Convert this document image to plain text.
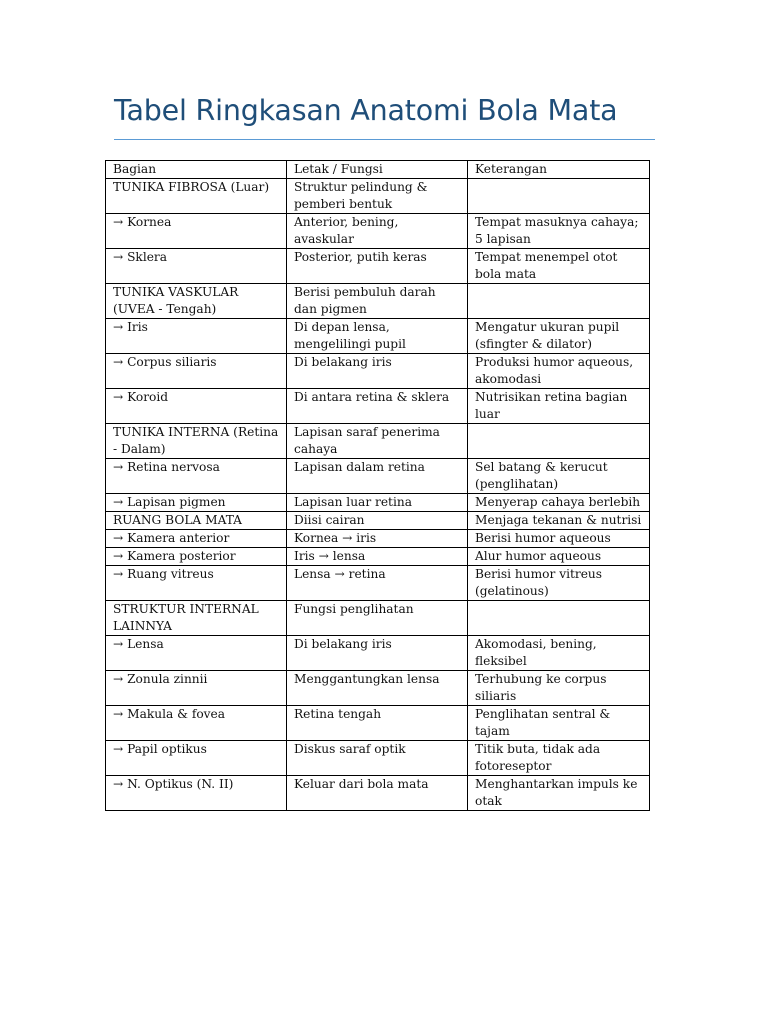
Tabel Ringkasan Anatomi Bola Mata
Bagian	Letak / Fungsi	Keterangan
TUNIKA FIBROSA (Luar)	Struktur pelindung & pemberi bentuk	
→ Kornea	Anterior, bening, avaskular	Tempat masuknya cahaya; 5 lapisan
→ Sklera	Posterior, putih keras	Tempat menempel otot bola mata
TUNIKA VASKULAR (UVEA - Tengah)	Berisi pembuluh darah dan pigmen	
→ Iris	Di depan lensa, mengelilingi pupil	Mengatur ukuran pupil (sfingter & dilator)
→ Corpus siliaris	Di belakang iris	Produksi humor aqueous, akomodasi
→ Koroid	Di antara retina & sklera	Nutrisikan retina bagian luar
TUNIKA INTERNA (Retina - Dalam)	Lapisan saraf penerima cahaya	
→ Retina nervosa	Lapisan dalam retina	Sel batang & kerucut (penglihatan)
→ Lapisan pigmen	Lapisan luar retina	Menyerap cahaya berlebih
RUANG BOLA MATA	Diisi cairan	Menjaga tekanan & nutrisi
→ Kamera anterior	Kornea → iris	Berisi humor aqueous
→ Kamera posterior	Iris → lensa	Alur humor aqueous
→ Ruang vitreus	Lensa → retina	Berisi humor vitreus (gelatinous)
STRUKTUR INTERNAL LAINNYA	Fungsi penglihatan	
→ Lensa	Di belakang iris	Akomodasi, bening, fleksibel
→ Zonula zinnii	Menggantungkan lensa	Terhubung ke corpus siliaris
→ Makula & fovea	Retina tengah	Penglihatan sentral & tajam
→ Papil optikus	Diskus saraf optik	Titik buta, tidak ada fotoreseptor
→ N. Optikus (N. II)	Keluar dari bola mata	Menghantarkan impuls ke otak
